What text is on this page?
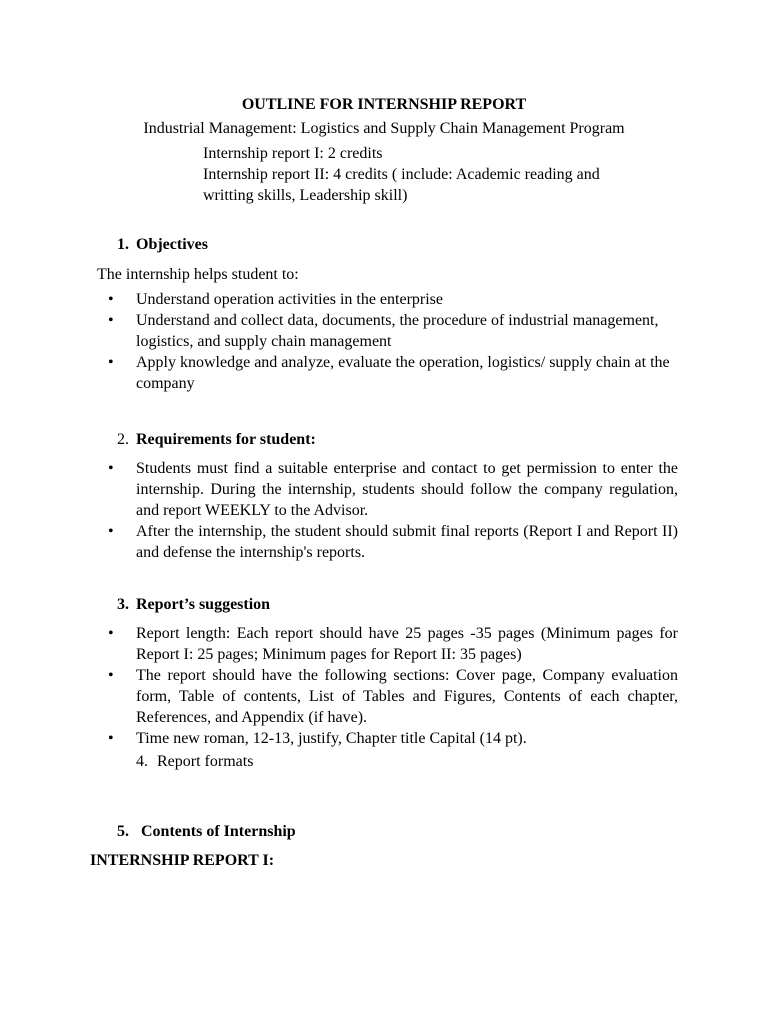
OUTLINE FOR INTERNSHIP REPORT
Industrial Management: Logistics and Supply Chain Management Program
Internship report I: 2 credits
Internship report II: 4 credits ( include: Academic reading and
writting skills, Leadership skill)
1. Objectives
The internship helps student to:
• Understand operation activities in the enterprise
• Understand and collect data, documents, the procedure of industrial management, logistics, and supply chain management
• Apply knowledge and analyze, evaluate the operation, logistics/ supply chain at the company
2. Requirements for student:
• Students must find a suitable enterprise and contact to get permission to enter the internship. During the internship, students should follow the company regulation, and report WEEKLY to the Advisor.
• After the internship, the student should submit final reports (Report I and Report II) and defense the internship's reports.
3. Report’s suggestion
• Report length: Each report should have 25 pages -35 pages (Minimum pages for Report I: 25 pages; Minimum pages for Report II: 35 pages)
• The report should have the following sections: Cover page, Company evaluation form, Table of contents, List of Tables and Figures, Contents of each chapter, References, and Appendix (if have).
• Time new roman, 12-13, justify, Chapter title Capital (14 pt).
4. Report formats
5. Contents of Internship
INTERNSHIP REPORT I:
